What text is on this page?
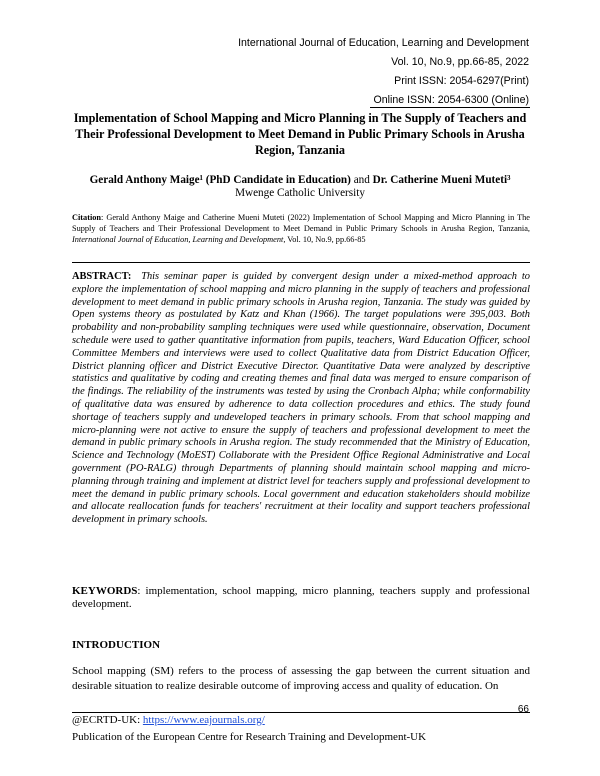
International Journal of Education, Learning and Development
Vol. 10, No.9, pp.66-85, 2022
Print ISSN: 2054-6297(Print)
Online ISSN: 2054-6300 (Online)
Implementation of School Mapping and Micro Planning in The Supply of Teachers and Their Professional Development to Meet Demand in Public Primary Schools in Arusha Region, Tanzania
Gerald Anthony Maige¹ (PhD Candidate in Education) and Dr. Catherine Mueni Muteti³
Mwenge Catholic University
Citation: Gerald Anthony Maige and Catherine Mueni Muteti (2022) Implementation of School Mapping and Micro Planning in The Supply of Teachers and Their Professional Development to Meet Demand in Public Primary Schools in Arusha Region, Tanzania, International Journal of Education, Learning and Development, Vol. 10, No.9, pp.66-85
ABSTRACT: This seminar paper is guided by convergent design under a mixed-method approach to explore the implementation of school mapping and micro planning in the supply of teachers and professional development to meet demand in public primary schools in Arusha region, Tanzania. The study was guided by Open systems theory as postulated by Katz and Khan (1966). The target populations were 395,003. Both probability and non-probability sampling techniques were used while questionnaire, observation, Document schedule were used to gather quantitative information from pupils, teachers, Ward Education Officer, school Committee Members and interviews were used to collect Qualitative data from District Education Officer, District planning officer and District Executive Director. Quantitative Data were analyzed by descriptive statistics and qualitative by coding and creating themes and final data was merged to ensure comparison of the findings. The reliability of the instruments was tested by using the Cronbach Alpha; while conformability of qualitative data was ensured by adherence to data collection procedures and ethics. The study found shortage of teachers supply and undeveloped teachers in primary schools. From that school mapping and micro-planning were not active to ensure the supply of teachers and professional development to meet the demand in public primary schools in Arusha region. The study recommended that the Ministry of Education, Science and Technology (MoEST) Collaborate with the President Office Regional Administrative and Local government (PO-RALG) through Departments of planning should maintain school mapping and micro-planning through training and implement at district level for teachers supply and professional development to meet the demand in public primary schools. Local government and education stakeholders should mobilize and allocate reallocation funds for teachers' recruitment at their locality and support teachers professional development in primary schools.
KEYWORDS: implementation, school mapping, micro planning, teachers supply and professional development.
INTRODUCTION
School mapping (SM) refers to the process of assessing the gap between the current situation and desirable situation to realize desirable outcome of improving access and quality of education. On
66
@ECRTD-UK: https://www.eajournals.org/
Publication of the European Centre for Research Training and Development-UK
